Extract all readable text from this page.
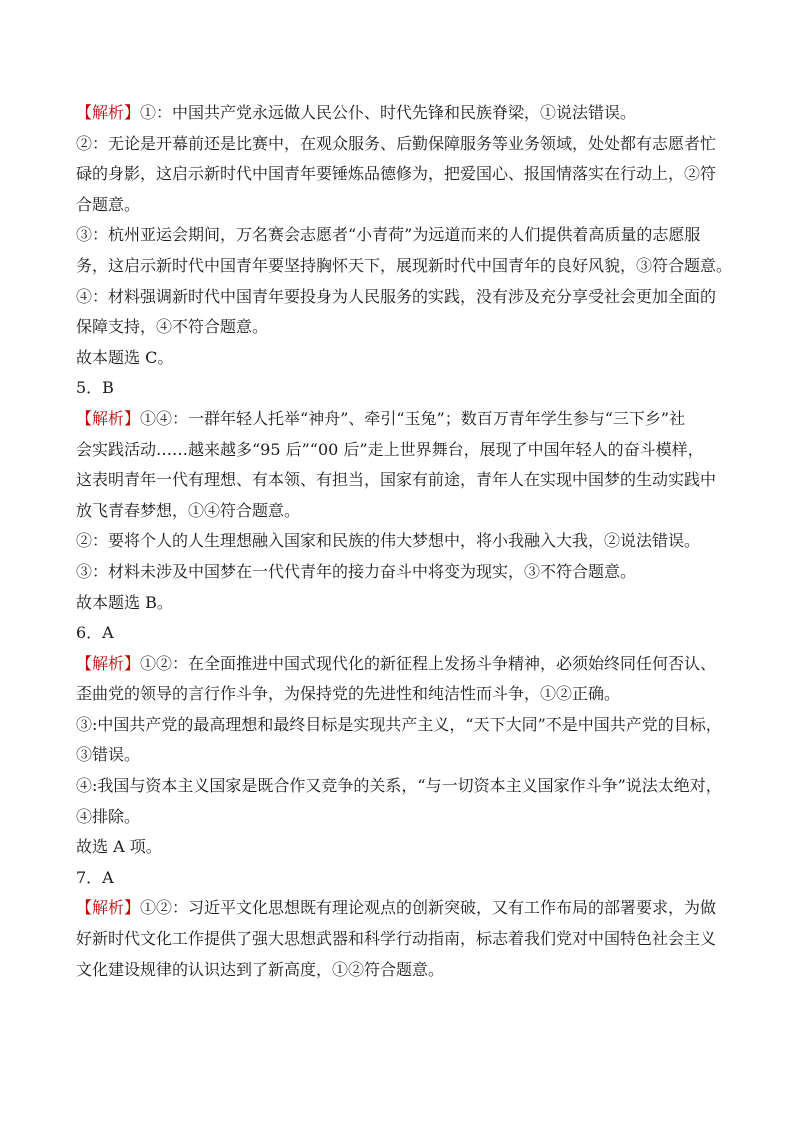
【解析】①：中国共产党永远做人民公仆、时代先锋和民族脊梁，①说法错误。
②：无论是开幕前还是比赛中，在观众服务、后勤保障服务等业务领域，处处都有志愿者忙
碌的身影，这启示新时代中国青年要锤炼品德修为，把爱国心、报国情落实在行动上，②符
合题意。
③：杭州亚运会期间，万名赛会志愿者“小青荷”为远道而来的人们提供着高质量的志愿服
务，这启示新时代中国青年要坚持胸怀天下，展现新时代中国青年的良好风貌，③符合题意。
④：材料强调新时代中国青年要投身为人民服务的实践，没有涉及充分享受社会更加全面的
保障支持，④不符合题意。
故本题选 C。
5．B
【解析】①④：一群年轻人托举“神舟”、牵引“玉兔”；数百万青年学生参与“三下乡”社
会实践活动……越来越多“95 后”“00 后”走上世界舞台，展现了中国年轻人的奋斗模样，
这表明青年一代有理想、有本领、有担当，国家有前途，青年人在实现中国梦的生动实践中
放飞青春梦想，①④符合题意。
②：要将个人的人生理想融入国家和民族的伟大梦想中，将小我融入大我，②说法错误。
③：材料未涉及中国梦在一代代青年的接力奋斗中将变为现实，③不符合题意。
故本题选 B。
6．A
【解析】①②：在全面推进中国式现代化的新征程上发扬斗争精神，必须始终同任何否认、
歪曲党的领导的言行作斗争，为保持党的先进性和纯洁性而斗争，①②正确。
③:中国共产党的最高理想和最终目标是实现共产主义，“天下大同”不是中国共产党的目标，
③错误。
④:我国与资本主义国家是既合作又竞争的关系，“与一切资本主义国家作斗争”说法太绝对，
④排除。
故选 A 项。
7．A
【解析】①②：习近平文化思想既有理论观点的创新突破，又有工作布局的部署要求，为做
好新时代文化工作提供了强大思想武器和科学行动指南，标志着我们党对中国特色社会主义
文化建设规律的认识达到了新高度，①②符合题意。
